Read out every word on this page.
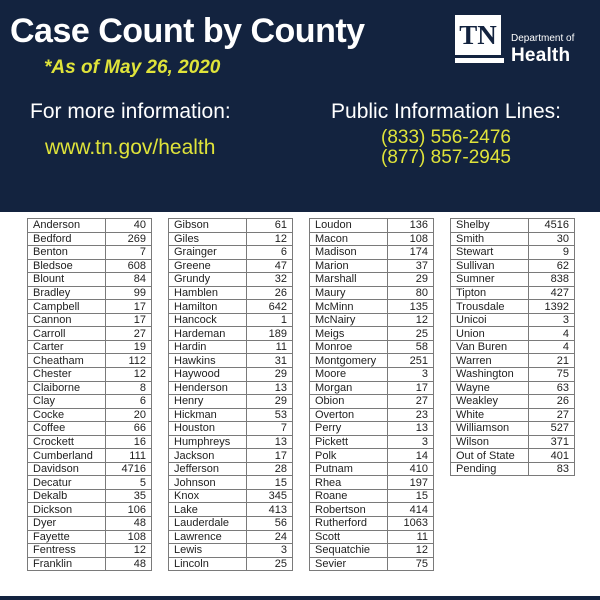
Case Count by County
*As of May 26, 2020
TN	Department of
Health
For more information:
www.tn.gov/health
Public Information Lines:
(833) 556-2476
(877) 857-2945
Anderson	40
Bedford	269
Benton	7
Bledsoe	608
Blount	84
Bradley	99
Campbell	17
Cannon	17
Carroll	27
Carter	19
Cheatham	112
Chester	12
Claiborne	8
Clay	6
Cocke	20
Coffee	66
Crockett	16
Cumberland	111
Davidson	4716
Decatur	5
Dekalb	35
Dickson	106
Dyer	48
Fayette	108
Fentress	12
Franklin	48
Gibson	61
Giles	12
Grainger	6
Greene	47
Grundy	32
Hamblen	26
Hamilton	642
Hancock	1
Hardeman	189
Hardin	11
Hawkins	31
Haywood	29
Henderson	13
Henry	29
Hickman	53
Houston	7
Humphreys	13
Jackson	17
Jefferson	28
Johnson	15
Knox	345
Lake	413
Lauderdale	56
Lawrence	24
Lewis	3
Lincoln	25
Loudon	136
Macon	108
Madison	174
Marion	37
Marshall	29
Maury	80
McMinn	135
McNairy	12
Meigs	25
Monroe	58
Montgomery	251
Moore	3
Morgan	17
Obion	27
Overton	23
Perry	13
Pickett	3
Polk	14
Putnam	410
Rhea	197
Roane	15
Robertson	414
Rutherford	1063
Scott	11
Sequatchie	12
Sevier	75
Shelby	4516
Smith	30
Stewart	9
Sullivan	62
Sumner	838
Tipton	427
Trousdale	1392
Unicoi	3
Union	4
Van Buren	4
Warren	21
Washington	75
Wayne	63
Weakley	26
White	27
Williamson	527
Wilson	371
Out of State	401
Pending	83
